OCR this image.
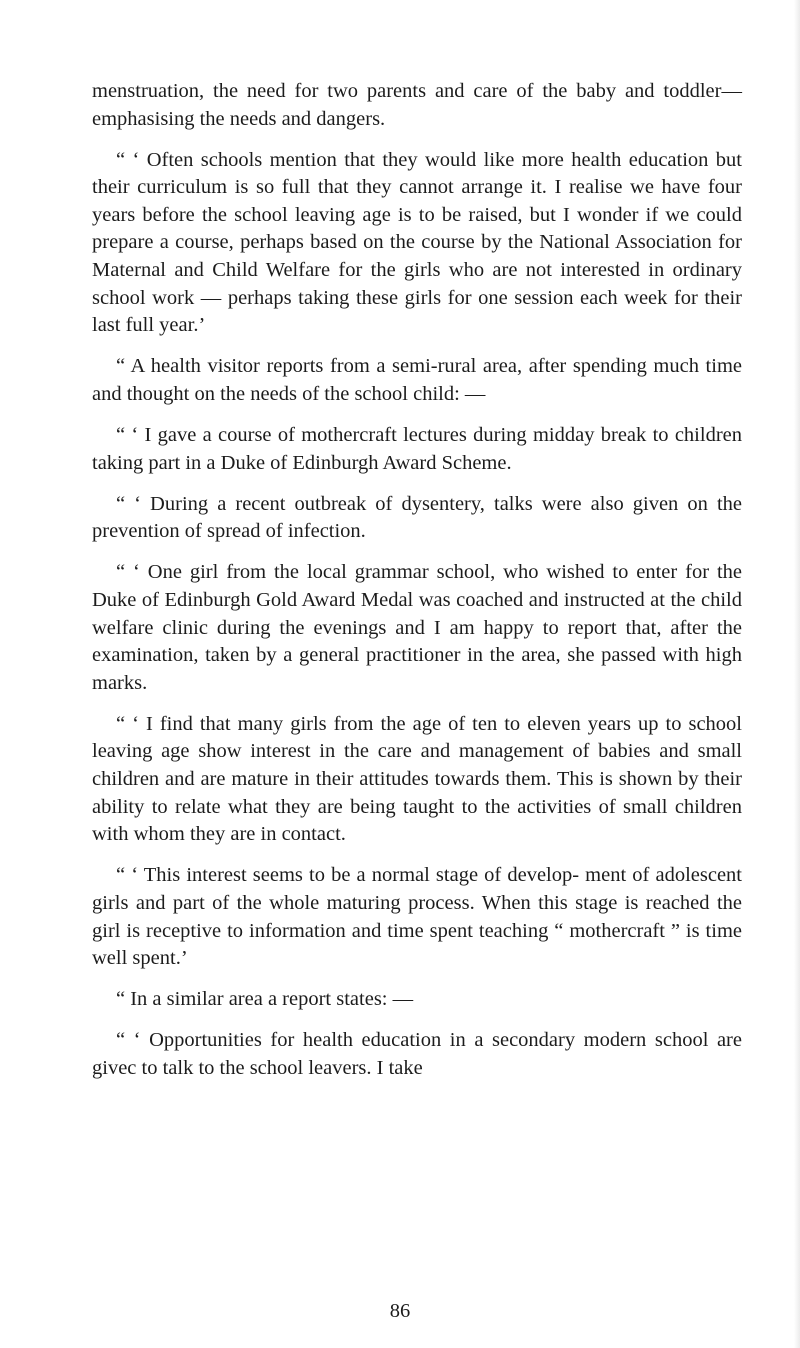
menstruation, the need for two parents and care of the baby and toddler—emphasising the needs and dangers.

“ ‘ Often schools mention that they would like more health education but their curriculum is so full that they cannot arrange it. I realise we have four years before the school leaving age is to be raised, but I wonder if we could prepare a course, perhaps based on the course by the National Association for Maternal and Child Welfare for the girls who are not interested in ordinary school work — perhaps taking these girls for one session each week for their last full year.’

“ A health visitor reports from a semi-rural area, after spending much time and thought on the needs of the school child: —

“ ‘ I gave a course of mothercraft lectures during midday break to children taking part in a Duke of Edinburgh Award Scheme.

“ ‘ During a recent outbreak of dysentery, talks were also given on the prevention of spread of infection.

“ ‘ One girl from the local grammar school, who wished to enter for the Duke of Edinburgh Gold Award Medal was coached and instructed at the child welfare clinic during the evenings and I am happy to report that, after the examination, taken by a general practitioner in the area, she passed with high marks.

“ ‘ I find that many girls from the age of ten to eleven years up to school leaving age show interest in the care and management of babies and small children and are mature in their attitudes towards them. This is shown by their ability to relate what they are being taught to the activities of small children with whom they are in contact.

“ ‘ This interest seems to be a normal stage of develop- ment of adolescent girls and part of the whole maturing process. When this stage is reached the girl is receptive to information and time spent teaching “ mothercraft ” is time well spent.’

“ In a similar area a report states: —

“ ‘ Opportunities for health education in a secondary modern school are givec to talk to the school leavers. I take

86
